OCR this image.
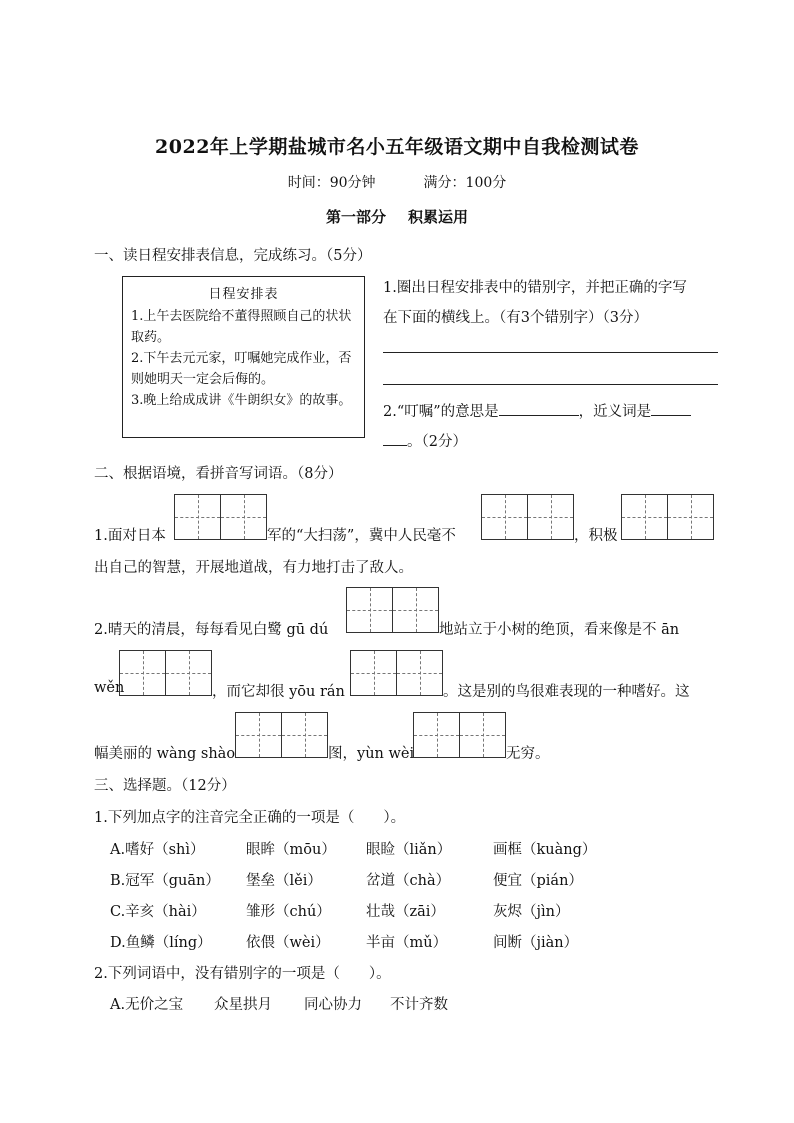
2022年上学期盐城市名小五年级语文期中自我检测试卷
时间：90分钟	满分：100分
第一部分 积累运用
一、读日程安排表信息，完成练习。（5分）
日程安排表
1.上午去医院给不董得照顾自己的状状取药。
2.下午去元元家，叮嘱她完成作业，否则她明天一定会后侮的。
3.晚上给成成讲《牛朗织女》的故事。
1.圈出日程安排表中的错别字，并把正确的字写
在下面的横线上。（有3个错别字）（3分）
2.“叮嘱”的意思是	，近义词是
。（2分）
二、根据语境，看拼音写词语。（8分）
1.面对日本	军的“大扫荡”，冀中人民毫不	，积极
出自己的智慧，开展地道战，有力地打击了敌人。
2.晴天的清晨，每每看见白鹭 gū dú	地站立于小树的绝顶，看来像是不 ān
wěn	，而它却很 yōu rán	。这是别的鸟很难表现的一种嗜好。这
幅美丽的 wàng shào	图，yùn wèi	无穷。
三、选择题。（12分）
1.下列加点字的注音完全正确的一项是（　　）。
A.嗜好（shì）	眼眸（mōu） 眼睑（liǎn）	画框（kuàng）
B.冠军（guān） 堡垒（lěi）	岔道（chà）	便宜（pián）
C.辛亥（hài）	雏形（chú） 壮哉（zāi）	灰烬（jìn）
D.鱼鳞（líng） 依偎（wèi）	半亩（mǔ）	间断（jiàn）
2.下列词语中，没有错别字的一项是（　　）。
A.无价之宝 众星拱月 同心协力 不计齐数
